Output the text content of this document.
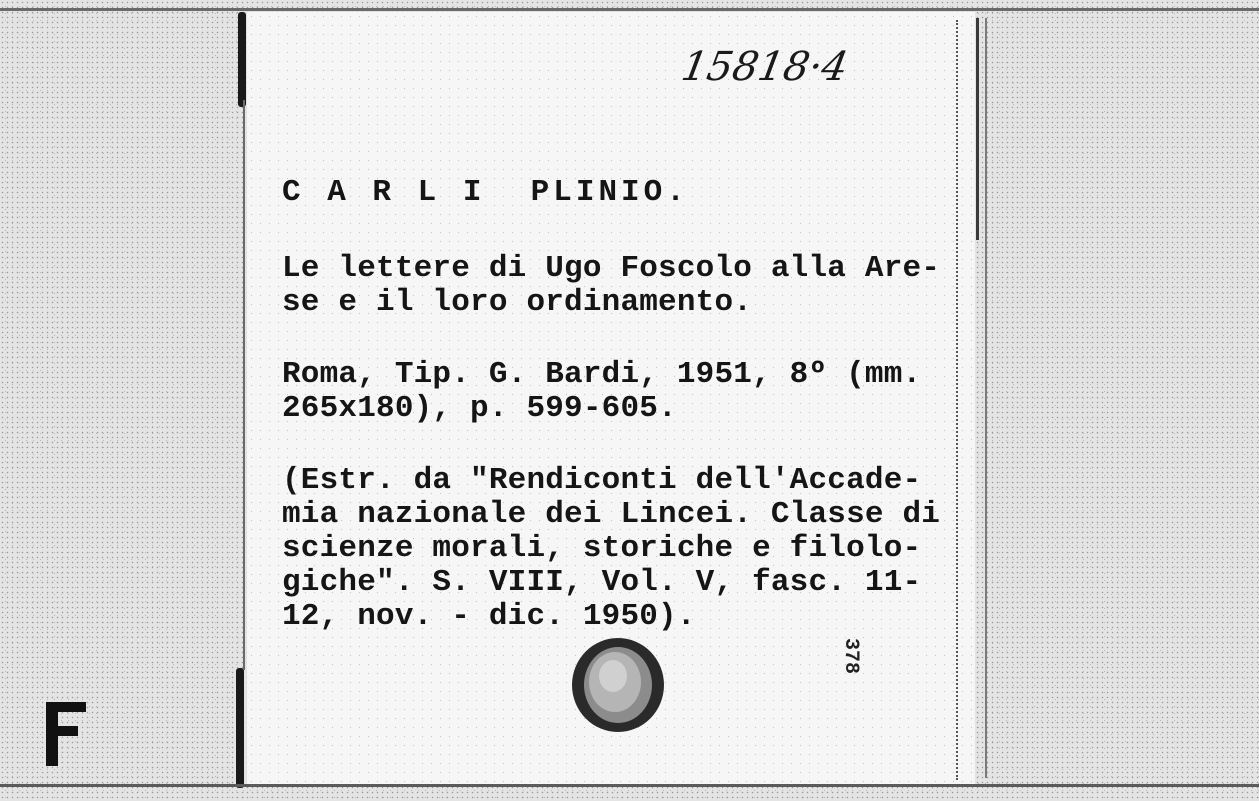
15818·4

C A R L I  PLINIO.

Le lettere di Ugo Foscolo alla Are-

se e il loro ordinamento.

Roma, Tip. G. Bardi, 1951, 8º (mm.

265x180), p. 599-605.

(Estr. da "Rendiconti dell'Accade-

mia nazionale dei Lincei. Classe di

scienze morali, storiche e filolo-

giche". S. VIII, Vol. V, fasc. 11-

12, nov. - dic. 1950).

378
